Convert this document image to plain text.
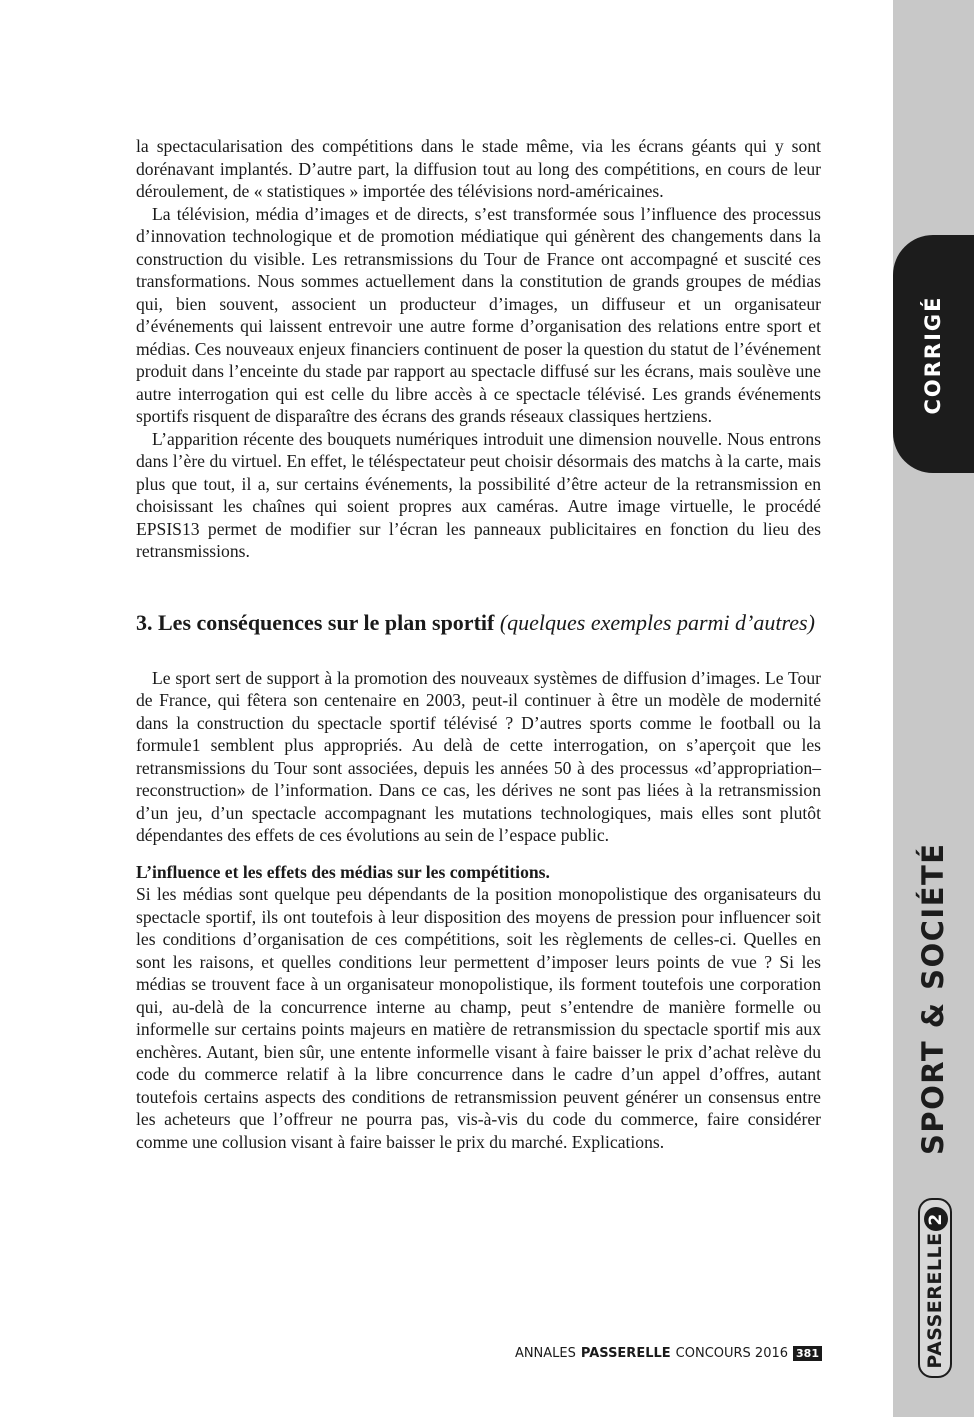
la spectacularisation des compétitions dans le stade même, via les écrans géants qui y sont dorénavant implantés. D’autre part, la diffusion tout au long des compétitions, en cours de leur déroulement, de « statistiques » importée des télévisions nord-américaines.

La télévision, média d’images et de directs, s’est transformée sous l’influence des processus d’innovation technologique et de promotion médiatique qui génèrent des changements dans la construction du visible. Les retransmissions du Tour de France ont accompagné et suscité ces transformations. Nous sommes actuellement dans la constitution de grands groupes de médias qui, bien souvent, associent un producteur d’images, un diffuseur et un organisateur d’événements qui laissent entrevoir une autre forme d’organisation des relations entre sport et médias. Ces nouveaux enjeux financiers continuent de poser la question du statut de l’événement produit dans l’enceinte du stade par rapport au spectacle diffusé sur les écrans, mais soulève une autre interrogation qui est celle du libre accès à ce spectacle télévisé. Les grands événements sportifs risquent de disparaître des écrans des grands réseaux classiques hertziens.

L’apparition récente des bouquets numériques introduit une dimension nouvelle. Nous entrons dans l’ère du virtuel. En effet, le téléspectateur peut choisir désormais des matchs à la carte, mais plus que tout, il a, sur certains événements, la possibilité d’être acteur de la retransmission en choisissant les chaînes qui soient propres aux caméras. Autre image virtuelle, le procédé EPSIS13 permet de modifier sur l’écran les panneaux publicitaires en fonction du lieu des retransmissions.

3. Les conséquences sur le plan sportif (quelques exemples parmi d’autres)

Le sport sert de support à la promotion des nouveaux systèmes de diffusion d’images. Le Tour de France, qui fêtera son centenaire en 2003, peut-il continuer à être un modèle de modernité dans la construction du spectacle sportif télévisé ? D’autres sports comme le football ou la formule1 semblent plus appropriés. Au delà de cette interrogation, on s’aperçoit que les retransmissions du Tour sont associées, depuis les années 50 à des processus «d’appropriation–reconstruction» de l’information. Dans ce cas, les dérives ne sont pas liées à la retransmission d’un jeu, d’un spectacle accompagnant les mutations technologiques, mais elles sont plutôt dépendantes des effets de ces évolutions au sein de l’espace public.

L’influence et les effets des médias sur les compétitions.

Si les médias sont quelque peu dépendants de la position monopolistique des organisateurs du spectacle sportif, ils ont toutefois à leur disposition des moyens de pression pour influencer soit les conditions d’organisation de ces compétitions, soit les règlements de celles-ci. Quelles en sont les raisons, et quelles conditions leur permettent d’imposer leurs points de vue ? Si les médias se trouvent face à un organisateur monopolistique, ils forment toutefois une corporation qui, au-delà de la concurrence interne au champ, peut s’entendre de manière formelle ou informelle sur certains points majeurs en matière de retransmission du spectacle sportif mis aux enchères. Autant, bien sûr, une entente informelle visant à faire baisser le prix d’achat relève du code du commerce relatif à la libre concurrence dans le cadre d’un appel d’offres, autant toutefois certains aspects des conditions de retransmission peuvent générer un consensus entre les acheteurs que l’offreur ne pourra pas, vis-à-vis du code du commerce, faire considérer comme une collusion visant à faire baisser le prix du marché. Explications.

CORRIGÉ
SPORT & SOCIÉTÉ
PASSERELLE2
ANNALES PASSERELLE CONCOURS 2016 381
